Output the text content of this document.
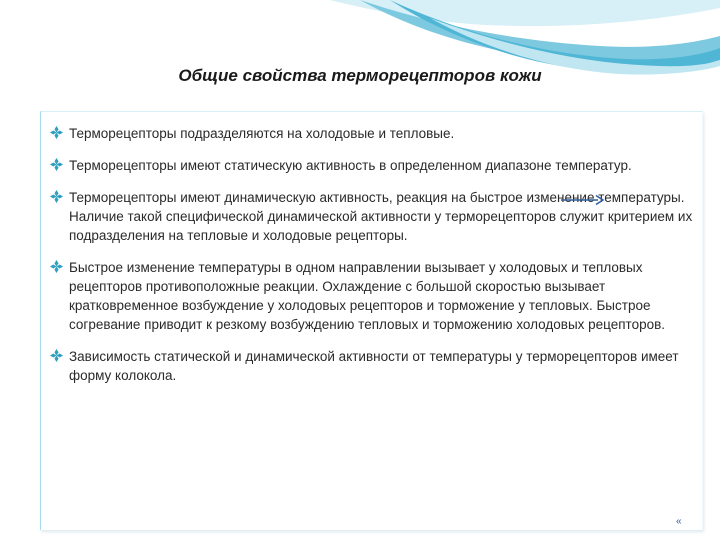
Общие свойства терморецепторов кожи
Терморецепторы подразделяются на холодовые и тепловые.
Терморецепторы имеют статическую активность в определенном диапазоне температур.
Терморецепторы имеют динамическую активность, реакция на быстрое изменение температуры. Наличие такой специфической динамической активности у терморецепторов служит критерием их подразделения на тепловые и холодовые рецепторы.
Быстрое изменение температуры в одном направлении вызывает у холодовых и тепловых рецепторов противоположные реакции. Охлаждение с большой скоростью вызывает кратковременное возбуждение у холодовых рецепторов и торможение у тепловых. Быстрое согревание приводит к резкому возбуждению тепловых и торможению холодовых рецепторов.
Зависимость статической и динамической активности от температуры у терморецепторов имеет форму колокола.
«
